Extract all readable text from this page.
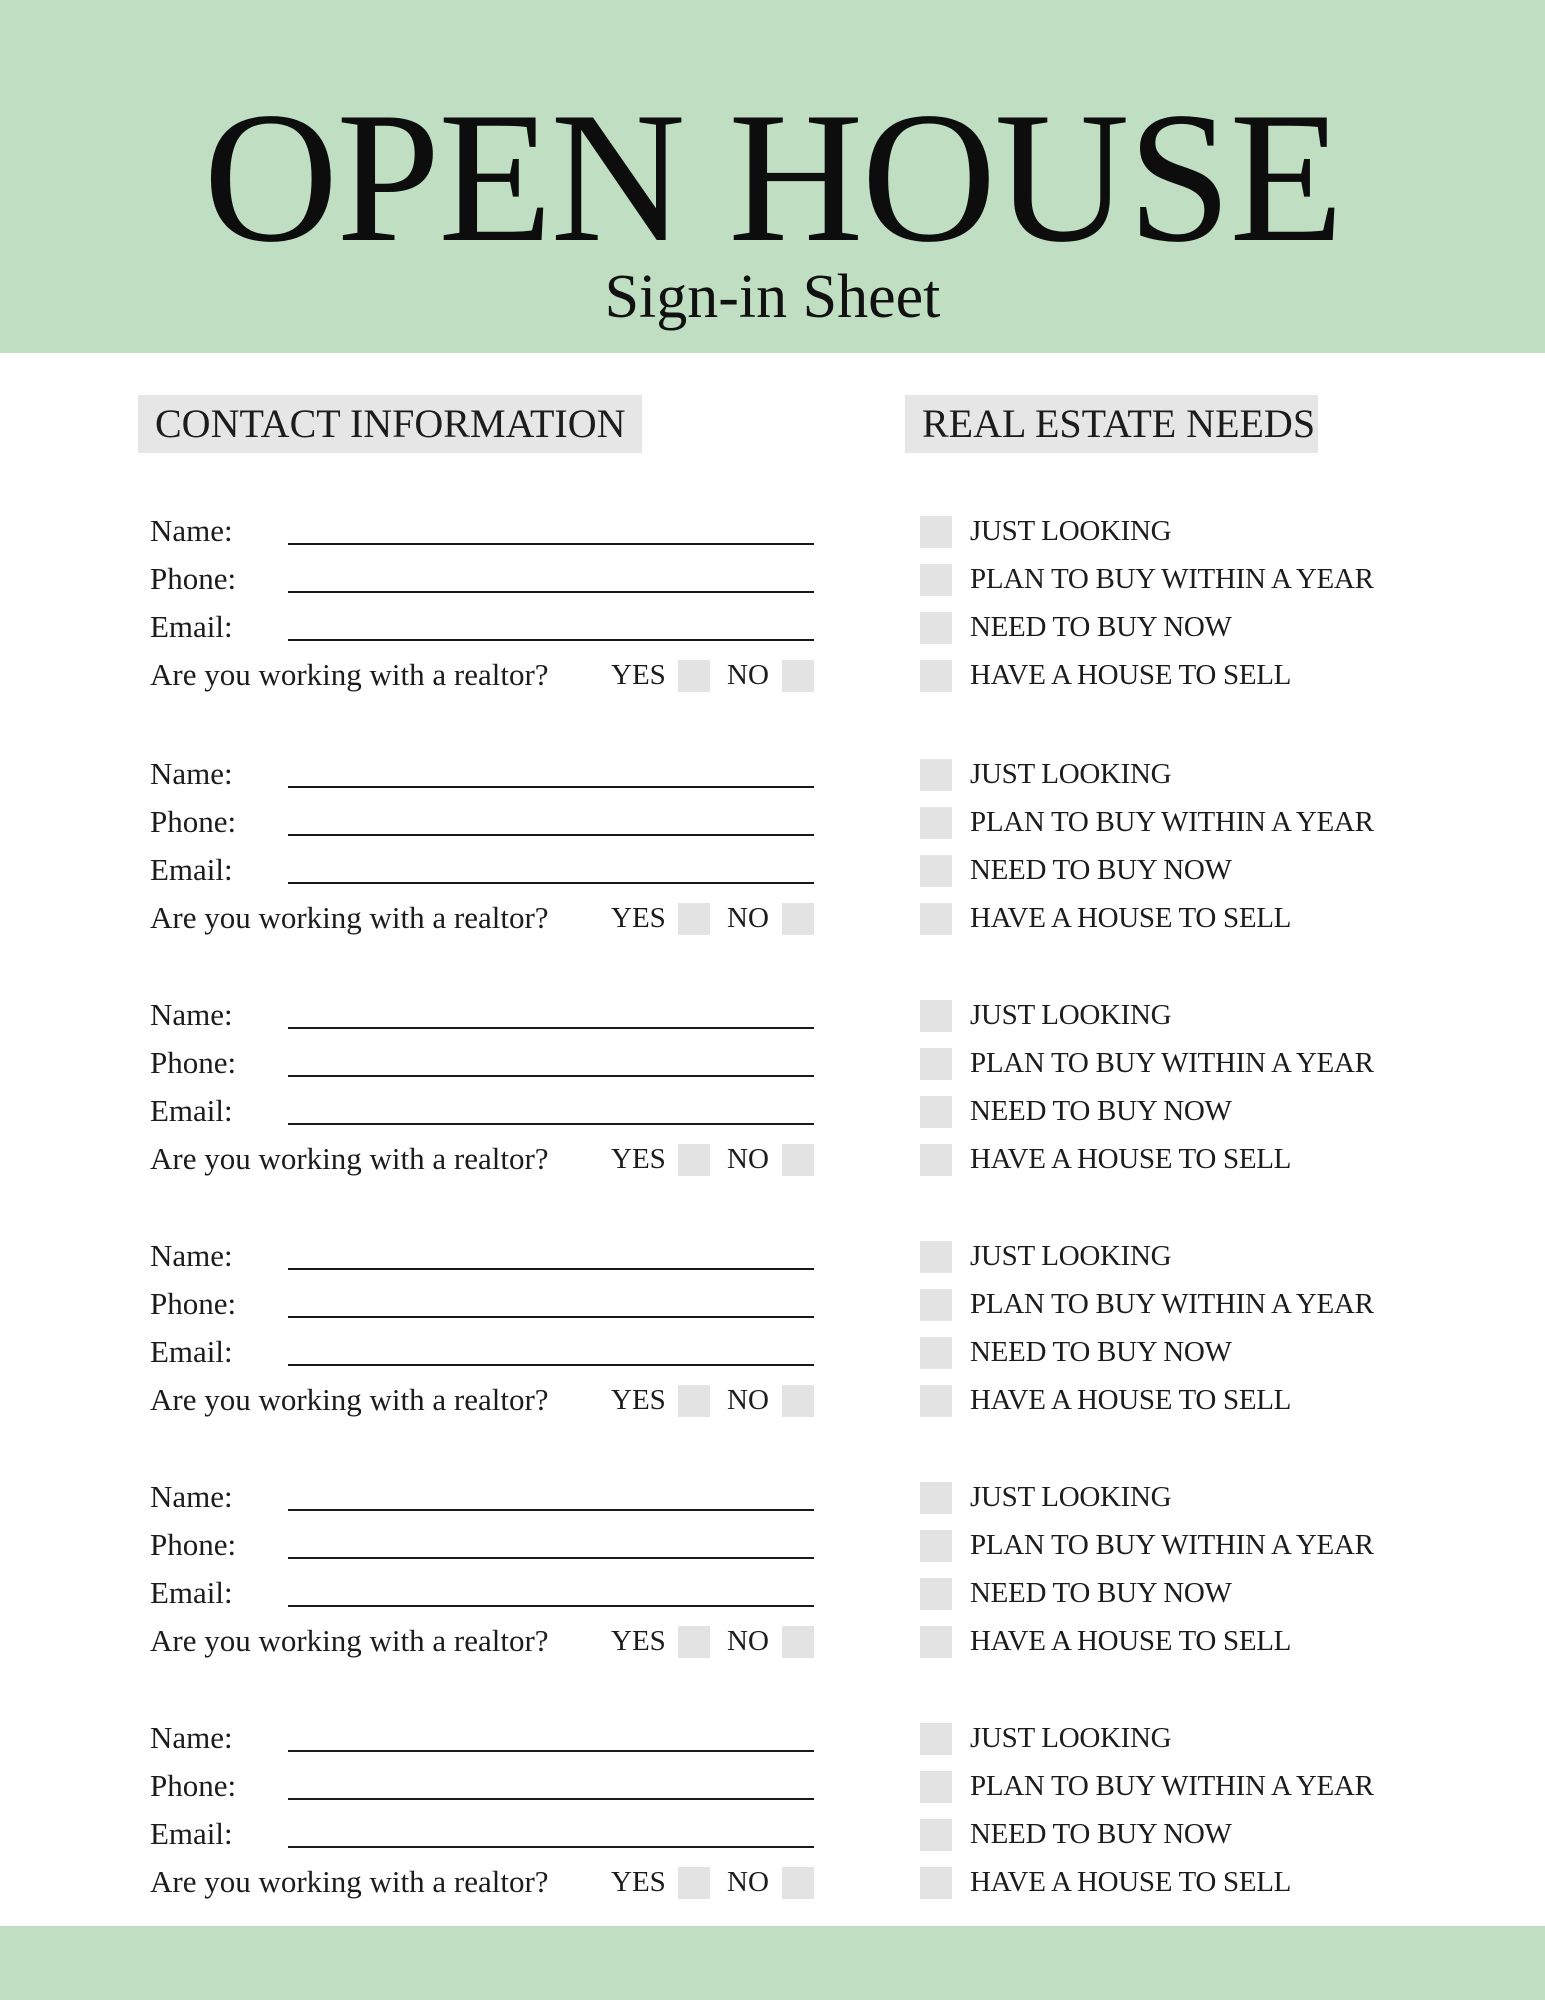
OPEN HOUSE
Sign-in Sheet
CONTACT INFORMATION	REAL ESTATE NEEDS
Name:	JUST LOOKING
Phone:	PLAN TO BUY WITHIN A YEAR
Email:	NEED TO BUY NOW
Are you working with a realtor? YES NO	HAVE A HOUSE TO SELL
Name:	JUST LOOKING
Phone:	PLAN TO BUY WITHIN A YEAR
Email:	NEED TO BUY NOW
Are you working with a realtor? YES NO	HAVE A HOUSE TO SELL
Name:	JUST LOOKING
Phone:	PLAN TO BUY WITHIN A YEAR
Email:	NEED TO BUY NOW
Are you working with a realtor? YES NO	HAVE A HOUSE TO SELL
Name:	JUST LOOKING
Phone:	PLAN TO BUY WITHIN A YEAR
Email:	NEED TO BUY NOW
Are you working with a realtor? YES NO	HAVE A HOUSE TO SELL
Name:	JUST LOOKING
Phone:	PLAN TO BUY WITHIN A YEAR
Email:	NEED TO BUY NOW
Are you working with a realtor? YES NO	HAVE A HOUSE TO SELL
Name:	JUST LOOKING
Phone:	PLAN TO BUY WITHIN A YEAR
Email:	NEED TO BUY NOW
Are you working with a realtor? YES NO	HAVE A HOUSE TO SELL
